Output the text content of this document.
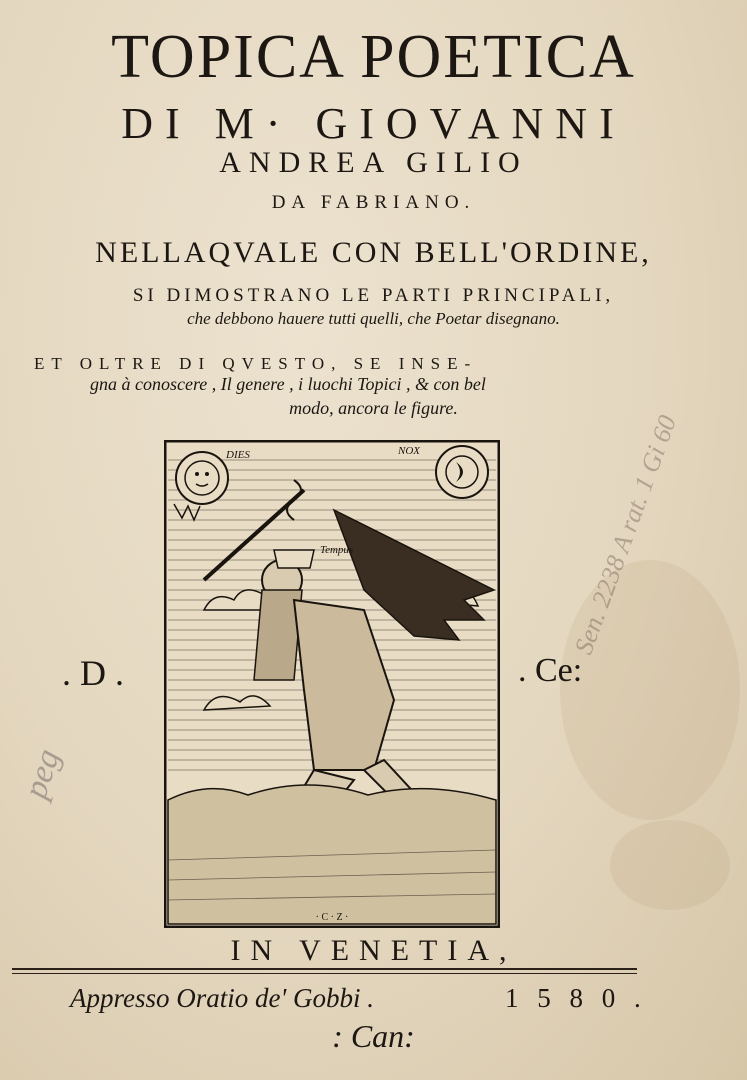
TOPICA POETICA
DI M· GIOVANNI
ANDREA GILIO
DA FABRIANO.
NELLAQVALE CON BELL'ORDINE,
SI DIMOSTRANO LE PARTI PRINCIPALI,
che debbono hauere tutti quelli, che Poetar disegnano.
ET OLTRE DI QVESTO, SE INSE-
gna à conoscere , Il genere , i luochi Topici , & con bel
modo, ancora le figure.
. D .	. Ce:
DIES	NOX
Tempus
· C · Z ·
Sen. 2238 A rat. 1 Gi 60
peg
IN VENETIA,
Appresso Oratio de' Gobbi .	1 5 8 0 .
: Can:
